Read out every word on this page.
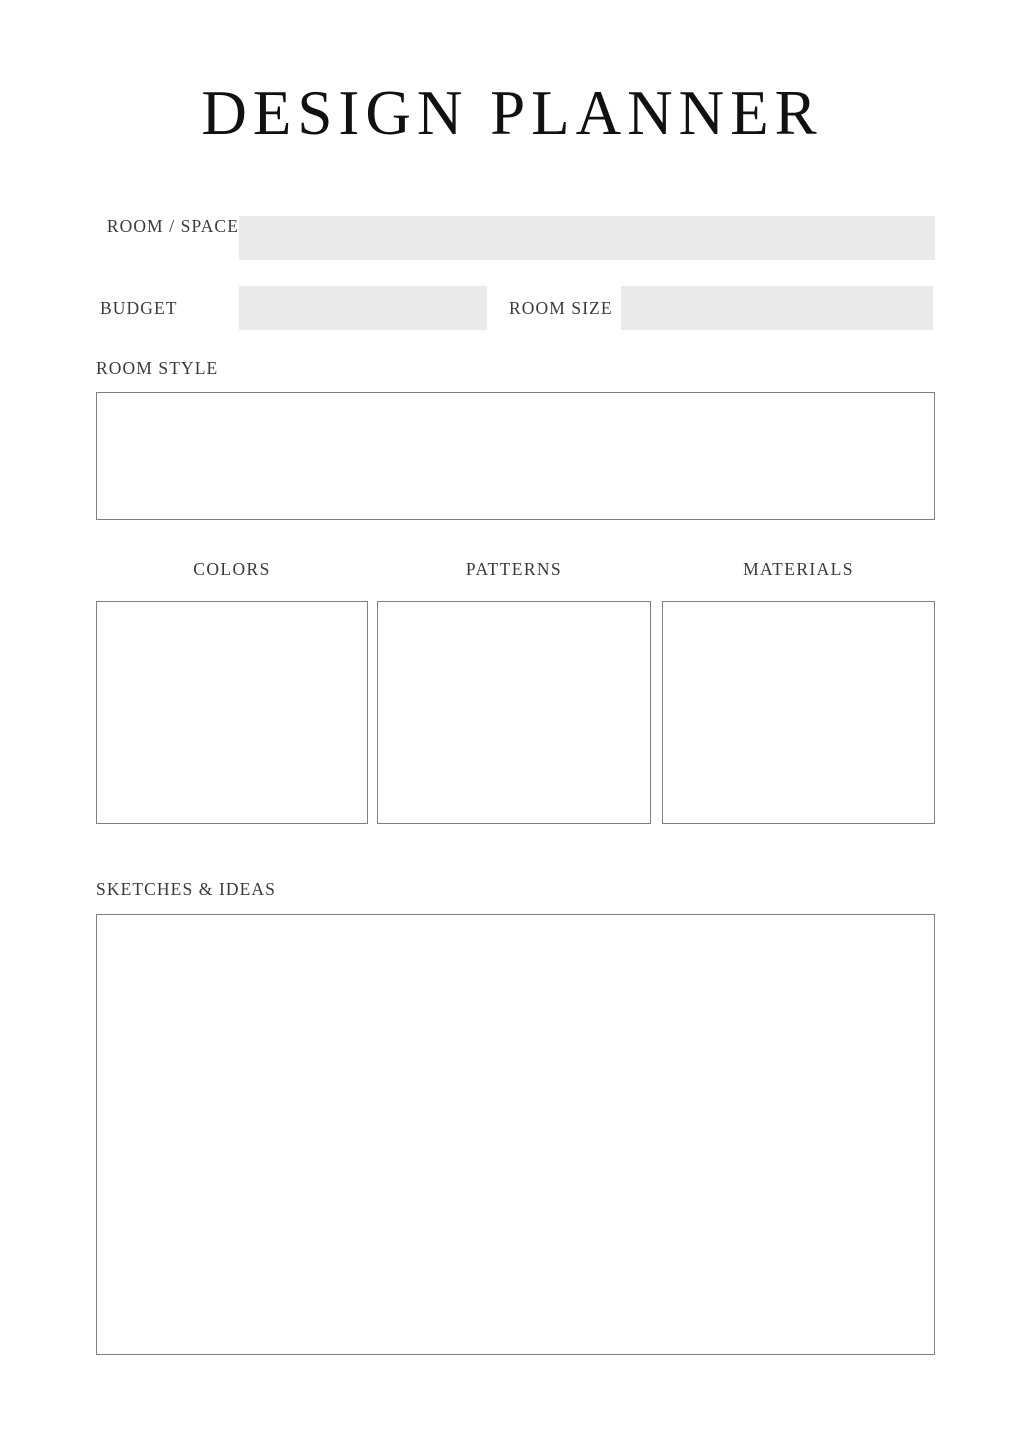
DESIGN PLANNER
ROOM / SPACE
BUDGET	ROOM SIZE
ROOM STYLE
COLORS	PATTERNS	MATERIALS
SKETCHES & IDEAS
